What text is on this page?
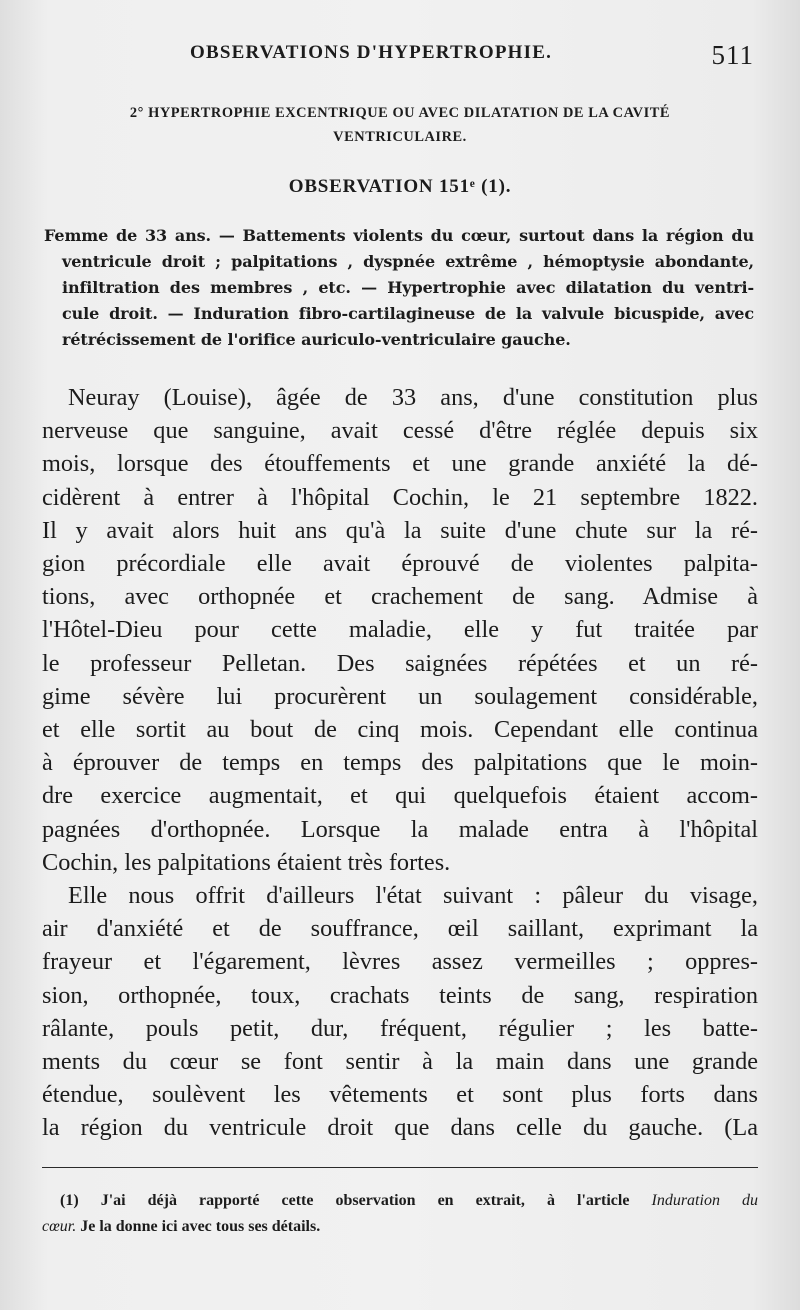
OBSERVATIONS D'HYPERTROPHIE.	511
2° HYPERTROPHIE EXCENTRIQUE OU AVEC DILATATION DE LA CAVITÉ
VENTRICULAIRE.
OBSERVATION 151ᵉ (1).
Femme de 33 ans. — Battements violents du cœur, surtout dans la région du
ventricule droit ; palpitations , dyspnée extrême , hémoptysie abondante,
infiltration des membres , etc. — Hypertrophie avec dilatation du ventri-
cule droit. — Induration fibro-cartilagineuse de la valvule bicuspide, avec
rétrécissement de l'orifice auriculo-ventriculaire gauche.
Neuray (Louise), âgée de 33 ans, d'une constitution plus
nerveuse que sanguine, avait cessé d'être réglée depuis six
mois, lorsque des étouffements et une grande anxiété la dé-
cidèrent à entrer à l'hôpital Cochin, le 21 septembre 1822.
Il y avait alors huit ans qu'à la suite d'une chute sur la ré-
gion précordiale elle avait éprouvé de violentes palpita-
tions, avec orthopnée et crachement de sang. Admise à
l'Hôtel-Dieu pour cette maladie, elle y fut traitée par
le professeur Pelletan. Des saignées répétées et un ré-
gime sévère lui procurèrent un soulagement considérable,
et elle sortit au bout de cinq mois. Cependant elle continua
à éprouver de temps en temps des palpitations que le moin-
dre exercice augmentait, et qui quelquefois étaient accom-
pagnées d'orthopnée. Lorsque la malade entra à l'hôpital
Cochin, les palpitations étaient très fortes.
Elle nous offrit d'ailleurs l'état suivant : pâleur du visage,
air d'anxiété et de souffrance, œil saillant, exprimant la
frayeur et l'égarement, lèvres assez vermeilles ; oppres-
sion, orthopnée, toux, crachats teints de sang, respiration
râlante, pouls petit, dur, fréquent, régulier ; les batte-
ments du cœur se font sentir à la main dans une grande
étendue, soulèvent les vêtements et sont plus forts dans
la région du ventricule droit que dans celle du gauche. (La
(1) J'ai déjà rapporté cette observation en extrait, à l'article Induration du
cœur. Je la donne ici avec tous ses détails.
